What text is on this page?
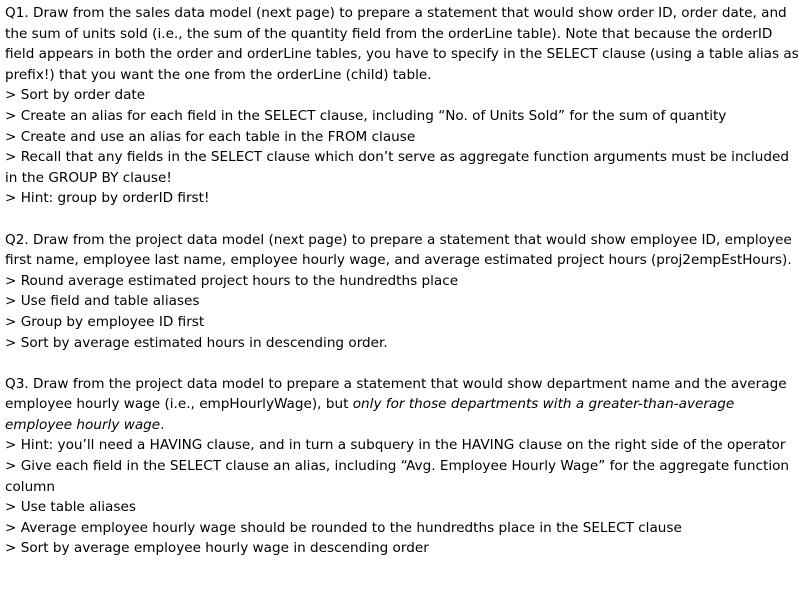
Q1. Draw from the sales data model (next page) to prepare a statement that would show order ID, order date, and the sum of units sold (i.e., the sum of the quantity field from the orderLine table). Note that because the orderID field appears in both the order and orderLine tables, you have to specify in the SELECT clause (using a table alias as prefix!) that you want the one from the orderLine (child) table.
> Sort by order date
> Create an alias for each field in the SELECT clause, including “No. of Units Sold” for the sum of quantity
> Create and use an alias for each table in the FROM clause
> Recall that any fields in the SELECT clause which don’t serve as aggregate function arguments must be included in the GROUP BY clause!
> Hint: group by orderID first!
Q2. Draw from the project data model (next page) to prepare a statement that would show employee ID, employee first name, employee last name, employee hourly wage, and average estimated project hours (proj2empEstHours).
> Round average estimated project hours to the hundredths place
> Use field and table aliases
> Group by employee ID first
> Sort by average estimated hours in descending order.
Q3. Draw from the project data model to prepare a statement that would show department name and the average employee hourly wage (i.e., empHourlyWage), but only for those departments with a greater-than-average employee hourly wage.
> Hint: you’ll need a HAVING clause, and in turn a subquery in the HAVING clause on the right side of the operator
> Give each field in the SELECT clause an alias, including “Avg. Employee Hourly Wage” for the aggregate function column
> Use table aliases
> Average employee hourly wage should be rounded to the hundredths place in the SELECT clause
> Sort by average employee hourly wage in descending order
